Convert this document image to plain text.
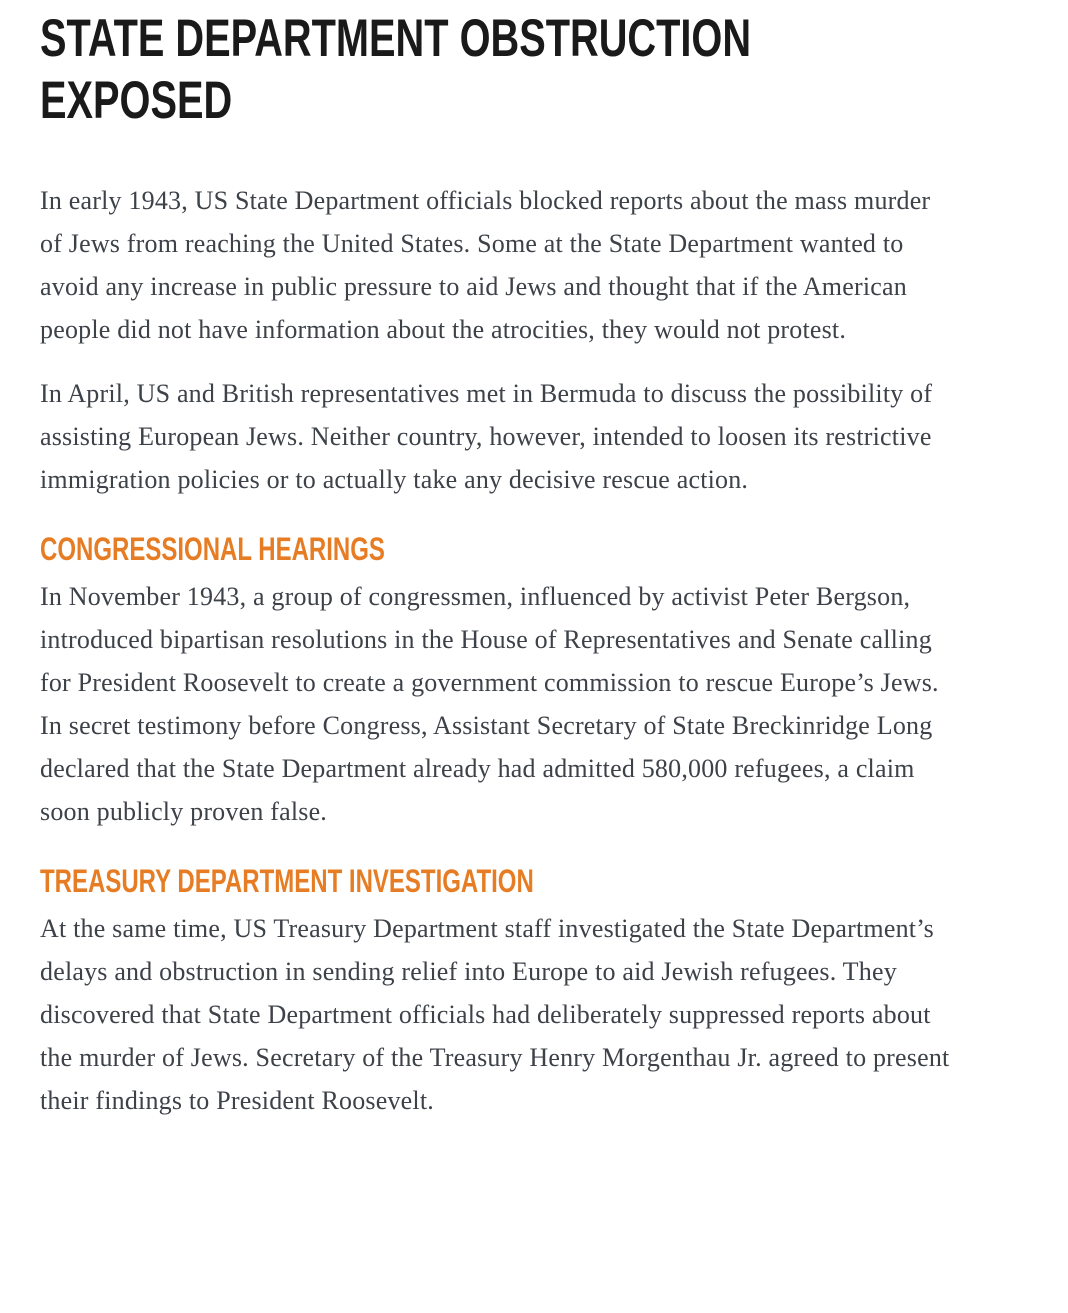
STATE DEPARTMENT OBSTRUCTION
EXPOSED

In early 1943, US State Department officials blocked reports about the mass murder of Jews from reaching the United States. Some at the State Department wanted to avoid any increase in public pressure to aid Jews and thought that if the American people did not have information about the atrocities, they would not protest.

In April, US and British representatives met in Bermuda to discuss the possibility of assisting European Jews. Neither country, however, intended to loosen its restrictive immigration policies or to actually take any decisive rescue action.

CONGRESSIONAL HEARINGS

In November 1943, a group of congressmen, influenced by activist Peter Bergson, introduced bipartisan resolutions in the House of Representatives and Senate calling for President Roosevelt to create a government commission to rescue Europe’s Jews. In secret testimony before Congress, Assistant Secretary of State Breckinridge Long declared that the State Department already had admitted 580,000 refugees, a claim soon publicly proven false.

TREASURY DEPARTMENT INVESTIGATION

At the same time, US Treasury Department staff investigated the State Department’s delays and obstruction in sending relief into Europe to aid Jewish refugees. They discovered that State Department officials had deliberately suppressed reports about the murder of Jews. Secretary of the Treasury Henry Morgenthau Jr. agreed to present their findings to President Roosevelt.
